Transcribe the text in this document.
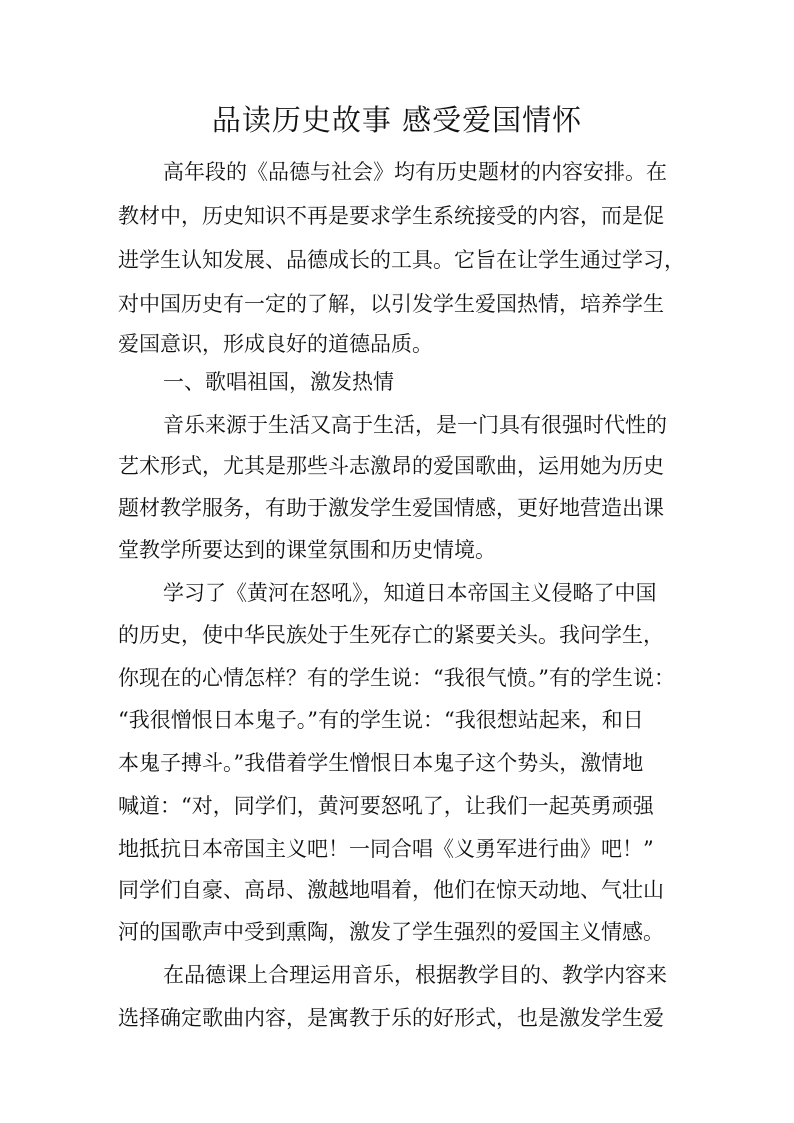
品读历史故事 感受爱国情怀
高年段的《品德与社会》均有历史题材的内容安排。在
教材中，历史知识不再是要求学生系统接受的内容，而是促
进学生认知发展、品德成长的工具。它旨在让学生通过学习，
对中国历史有一定的了解，以引发学生爱国热情，培养学生
爱国意识，形成良好的道德品质。
一、歌唱祖国，激发热情
音乐来源于生活又高于生活，是一门具有很强时代性的
艺术形式，尤其是那些斗志激昂的爱国歌曲，运用她为历史
题材教学服务，有助于激发学生爱国情感，更好地营造出课
堂教学所要达到的课堂氛围和历史情境。
学习了《黄河在怒吼》，知道日本帝国主义侵略了中国
的历史，使中华民族处于生死存亡的紧要关头。我问学生，
你现在的心情怎样？有的学生说：“我很气愤。”有的学生说：
“我很憎恨日本鬼子。”有的学生说：“我很想站起来，和日
本鬼子搏斗。”我借着学生憎恨日本鬼子这个势头，激情地
喊道：“对，同学们，黄河要怒吼了，让我们一起英勇顽强
地抵抗日本帝国主义吧！一同合唱《义勇军进行曲》吧！”
同学们自豪、高昂、激越地唱着，他们在惊天动地、气壮山
河的国歌声中受到熏陶，激发了学生强烈的爱国主义情感。
在品德课上合理运用音乐，根据教学目的、教学内容来
选择确定歌曲内容，是寓教于乐的好形式，也是激发学生爱
